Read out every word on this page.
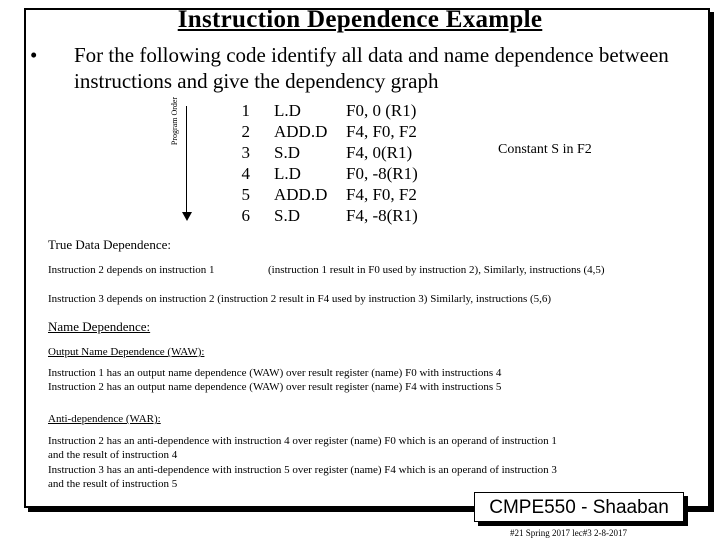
Instruction Dependence Example
• For the following code identify all data and name dependence between instructions and give the dependency graph
Program Order	1
2
3
4
5
6
L.D
ADD.D
S.D
L.D
ADD.D
S.D
F0, 0 (R1)
F4, F0, F2
F4, 0(R1)
F0, -8(R1)
F4, F0, F2
F4, -8(R1)
Constant S in F2
True Data Dependence:
Instruction 2 depends on instruction 1	(instruction 1 result in F0 used by instruction 2), Similarly, instructions (4,5)
Instruction 3 depends on instruction 2 (instruction 2 result in F4 used by instruction 3) Similarly, instructions (5,6)
Name Dependence:
Output Name Dependence (WAW):
Instruction 1 has an output name dependence (WAW) over result register (name) F0 with instructions 4
Instruction 2 has an output name dependence (WAW) over result register (name) F4 with instructions 5
Anti-dependence (WAR):
Instruction 2 has an anti-dependence with instruction 4 over register (name) F0 which is an operand of instruction 1
and the result of instruction 4
Instruction 3 has an anti-dependence with instruction 5 over register (name) F4 which is an operand of instruction 3
and the result of instruction 5
CMPE550 - Shaaban
#21 Spring 2017 lec#3 2-8-2017
